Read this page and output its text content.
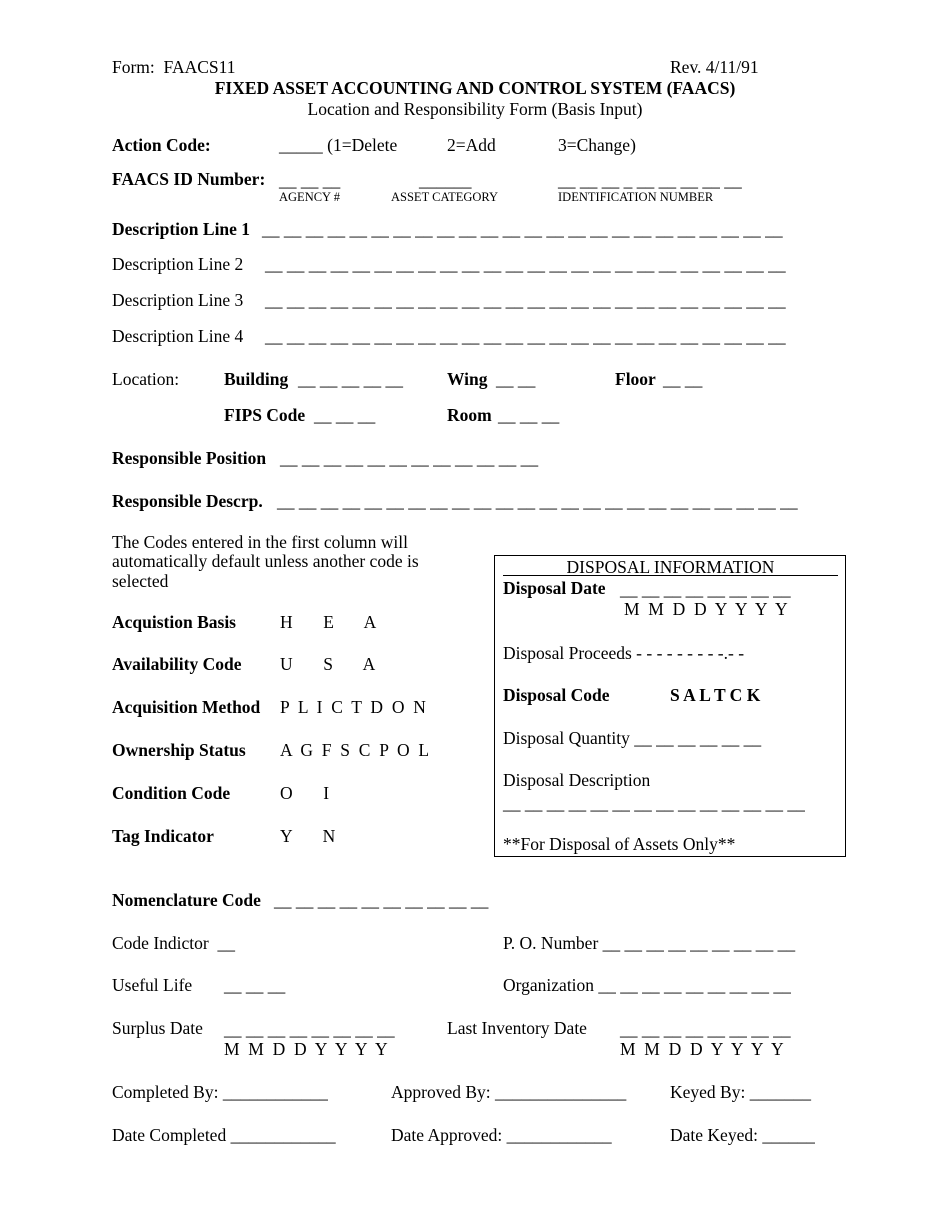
Form:  FAACS11	Rev. 4/11/91
FIXED ASSET ACCOUNTING AND CONTROL SYSTEM (FAACS)
Location and Responsibility Form (Basis Input)
Action Code:	_____ (1=Delete	2=Add	3=Change)
FAACS ID Number: __ __ __	______	__ __ __ _ __ __ __ __ __
AGENCY #	ASSET CATEGORY	IDENTIFICATION NUMBER
Description Line 1 __ __ __ __ __ __ __ __ __ __ __ __ __ __ __ __ __ __ __ __ __ __ __ __
Description Line 2 __ __ __ __ __ __ __ __ __ __ __ __ __ __ __ __ __ __ __ __ __ __ __ __
Description Line 3 __ __ __ __ __ __ __ __ __ __ __ __ __ __ __ __ __ __ __ __ __ __ __ __
Description Line 4 __ __ __ __ __ __ __ __ __ __ __ __ __ __ __ __ __ __ __ __ __ __ __ __
Location:	Building __ __ __ __ __	Wing __ __	Floor __ __
FIPS Code __ __ __	Room __ __ __
Responsible Position __ __ __ __ __ __ __ __ __ __ __ __
Responsible Descrp. __ __ __ __ __ __ __ __ __ __ __ __ __ __ __ __ __ __ __ __ __ __ __ __
The Codes entered in the first column will
automatically default unless another code is
selected
Acquistion Basis	H       E       A
Availability Code U       S       A
Acquisition Method P  L  I  C  T  D  O  N
Ownership Status A  G  F  S  C  P  O  L
Condition Code	O       I
Tag Indicator	Y       N
DISPOSAL INFORMATION
Disposal Date __ __ __ __ __ __ __ __
M  M  D  D  Y  Y  Y  Y
Disposal Proceeds - - - - - - - - -.- -
Disposal Code	S A L T C K
Disposal Quantity __ __ __ __ __ __
Disposal Description
__ __ __ __ __ __ __ __ __ __ __ __ __ __
**For Disposal of Assets Only**
Nomenclature Code __ __ __ __ __ __ __ __ __ __
Code Indictor  __	P. O. Number __ __ __ __ __ __ __ __ __
Useful Life __ __ __	Organization __ __ __ __ __ __ __ __ __
Surplus Date __ __ __ __ __ __ __ __
M  M  D  D  Y  Y  Y  Y
Last Inventory Date __ __ __ __ __ __ __ __
M  M  D  D  Y  Y  Y  Y
Completed By: ____________	Approved By: _______________ Keyed By: _______
Date Completed ____________	Date Approved: ____________	Date Keyed: ______
